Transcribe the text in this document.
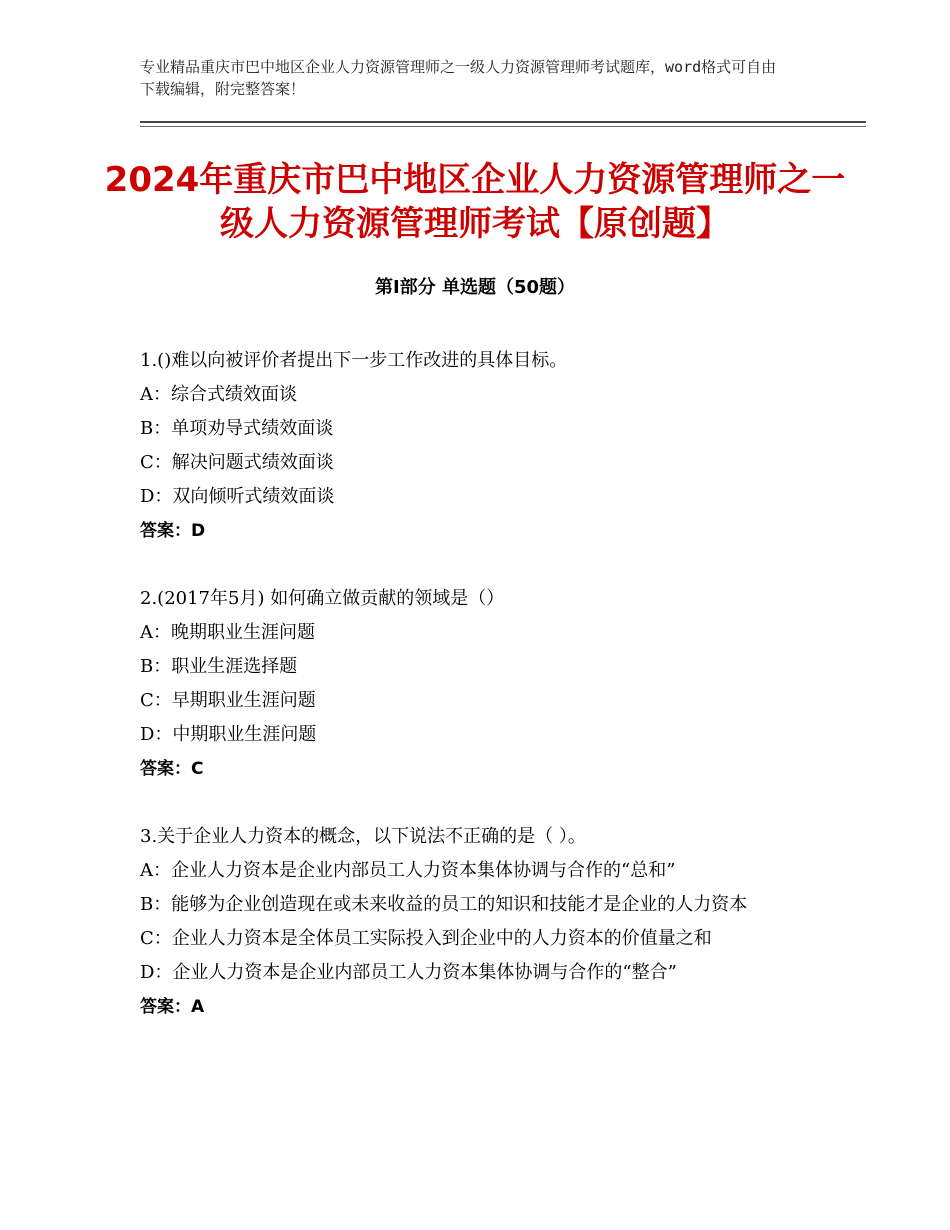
专业精品重庆市巴中地区企业人力资源管理师之一级人力资源管理师考试题库，word格式可自由下载编辑，附完整答案！
2024年重庆市巴中地区企业人力资源管理师之一级人力资源管理师考试【原创题】
第Ⅰ部分 单选题（50题）

1.()难以向被评价者提出下一步工作改进的具体目标。

A：综合式绩效面谈

B：单项劝导式绩效面谈

C：解决问题式绩效面谈

D：双向倾听式绩效面谈

答案：D

2.(2017年5月) 如何确立做贡献的领域是（）

A：晚期职业生涯问题

B：职业生涯选择题

C：早期职业生涯问题

D：中期职业生涯问题

答案：C

3.关于企业人力资本的概念，以下说法不正确的是（ ）。

A：企业人力资本是企业内部员工人力资本集体协调与合作的“总和”

B：能够为企业创造现在或未来收益的员工的知识和技能才是企业的人力资本

C：企业人力资本是全体员工实际投入到企业中的人力资本的价值量之和

D：企业人力资本是企业内部员工人力资本集体协调与合作的“整合”

答案：A
